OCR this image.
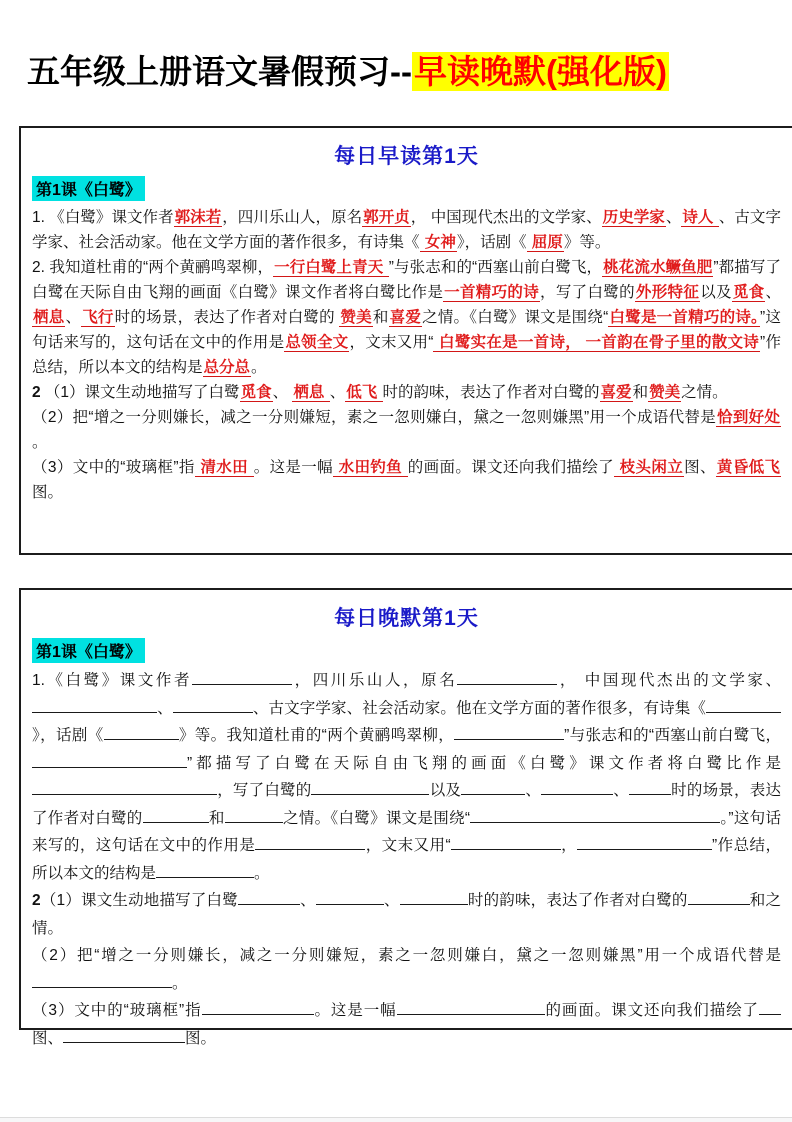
五年级上册语文暑假预习--早读晚默(强化版)
每日早读第1天
第1课《白鹭》
1. 《白鹭》课文作者郭沫若，四川乐山人，原名郭开贞， 中国现代杰出的文学家、历史学家、诗人 、古文字学家、社会活动家。他在文学方面的著作很多，有诗集《 女神》，话剧《 屈原》等。
2. 我知道杜甫的“两个黄鹂鸣翠柳，一行白鹭上青天 ”与张志和的“西塞山前白鹭飞，桃花流水鳜鱼肥”都描写了白鹭在天际自由飞翔的画面《白鹭》课文作者将白鹭比作是一首精巧的诗，写了白鹭的外形特征以及觅食、 栖息、飞行时的场景，表达了作者对白鹭的 赞美和喜爱之情。《白鹭》课文是围绕“白鹭是一首精巧的诗。”这句话来写的，这句话在文中的作用是总领全文，文末又用“ 白鹭实在是一首诗， 一首韵在骨子里的散文诗”作总结，所以本文的结构是总分总。
2 （1）课文生动地描写了白鹭觅食、 栖息 、低飞 时的韵味，表达了作者对白鹭的喜爱和赞美之情。
（2）把“增之一分则嫌长，减之一分则嫌短，素之一忽则嫌白，黛之一忽则嫌黑”用一个成语代替是恰到好处 。
（3）文中的“玻璃框”指 清水田 。这是一幅 水田钓鱼 的画面。课文还向我们描绘了 枝头闲立图、黄昏低飞 图。
每日晚默第1天
第1课《白鹭》
1.《白鹭》课文作者	，四川乐山人，原名	， 中国现代杰出的文学家、、	、古文字学家、社会活动家。他在文学方面的著作很多，有诗集《》，话剧《	》等。我知道杜甫的“两个黄鹂鸣翠柳，	”与张志和的“西塞山前白鹭飞，”都描写了白鹭在天际自由飞翔的画面《白鹭》课文作者将白鹭比作是，写了白鹭的	以及	、	、	时的场景，表达了作者对白鹭的	和	之情。《白鹭》课文是围绕“	。”这句话来写的，这句话在文中的作用是	，文末又用“	，	”作总结，所以本文的结构是	。
2（1）课文生动地描写了白鹭	、	、	时的韵味，表达了作者对白鹭的	和之情。
（2）把“增之一分则嫌长，减之一分则嫌短，素之一忽则嫌白，黛之一忽则嫌黑”用一个成语代替是。
（3）文中的“玻璃框”指	。这是一幅	的画面。课文还向我们描绘了图、	图。
